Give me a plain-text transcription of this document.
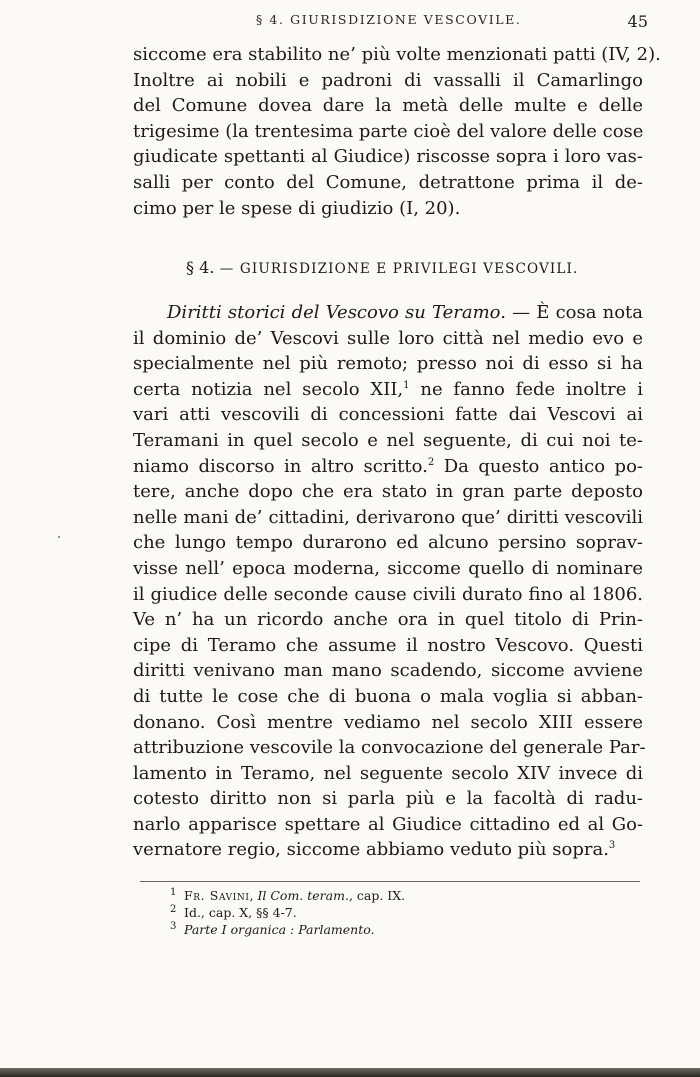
§ 4. GIURISDIZIONE VESCOVILE.	45
siccome era stabilito ne’ più volte menzionati patti (IV, 2).
Inoltre ai nobili e padroni di vassalli il Camarlingo
del Comune dovea dare la metà delle multe e delle
trigesime (la trentesima parte cioè del valore delle cose
giudicate spettanti al Giudice) riscosse sopra i loro vas-
salli per conto del Comune, detrattone prima il de-
cimo per le spese di giudizio (I, 20).
§ 4. — GIURISDIZIONE E PRIVILEGI VESCOVILI.
Diritti storici del Vescovo su Teramo. — È cosa nota
il dominio de’ Vescovi sulle loro città nel medio evo e
specialmente nel più remoto; presso noi di esso si ha
certa notizia nel secolo XII,$^1$ ne fanno fede inoltre i
vari atti vescovili di concessioni fatte dai Vescovi ai
Teramani in quel secolo e nel seguente, di cui noi te-
niamo discorso in altro scritto.$^2$ Da questo antico po-
tere, anche dopo che era stato in gran parte deposto
nelle mani de’ cittadini, derivarono que’ diritti vescovili
che lungo tempo durarono ed alcuno persino soprav-
visse nell’ epoca moderna, siccome quello di nominare
il giudice delle seconde cause civili durato fino al 1806.
Ve n’ ha un ricordo anche ora in quel titolo di Prin-
cipe di Teramo che assume il nostro Vescovo. Questi
diritti venivano man mano scadendo, siccome avviene
di tutte le cose che di buona o mala voglia si abban-
donano. Così mentre vediamo nel secolo XIII essere
attribuzione vescovile la convocazione del generale Par-
lamento in Teramo, nel seguente secolo XIV invece di
cotesto diritto non si parla più e la facoltà di radu-
narlo apparisce spettare al Giudice cittadino ed al Go-
vernatore regio, siccome abbiamo veduto più sopra.$^3$
$^1$ Fr. Savini, Il Com. teram., cap. IX.
$^2$ Id., cap. X, §§ 4-7.
$^3$ Parte I organica : Parlamento.
